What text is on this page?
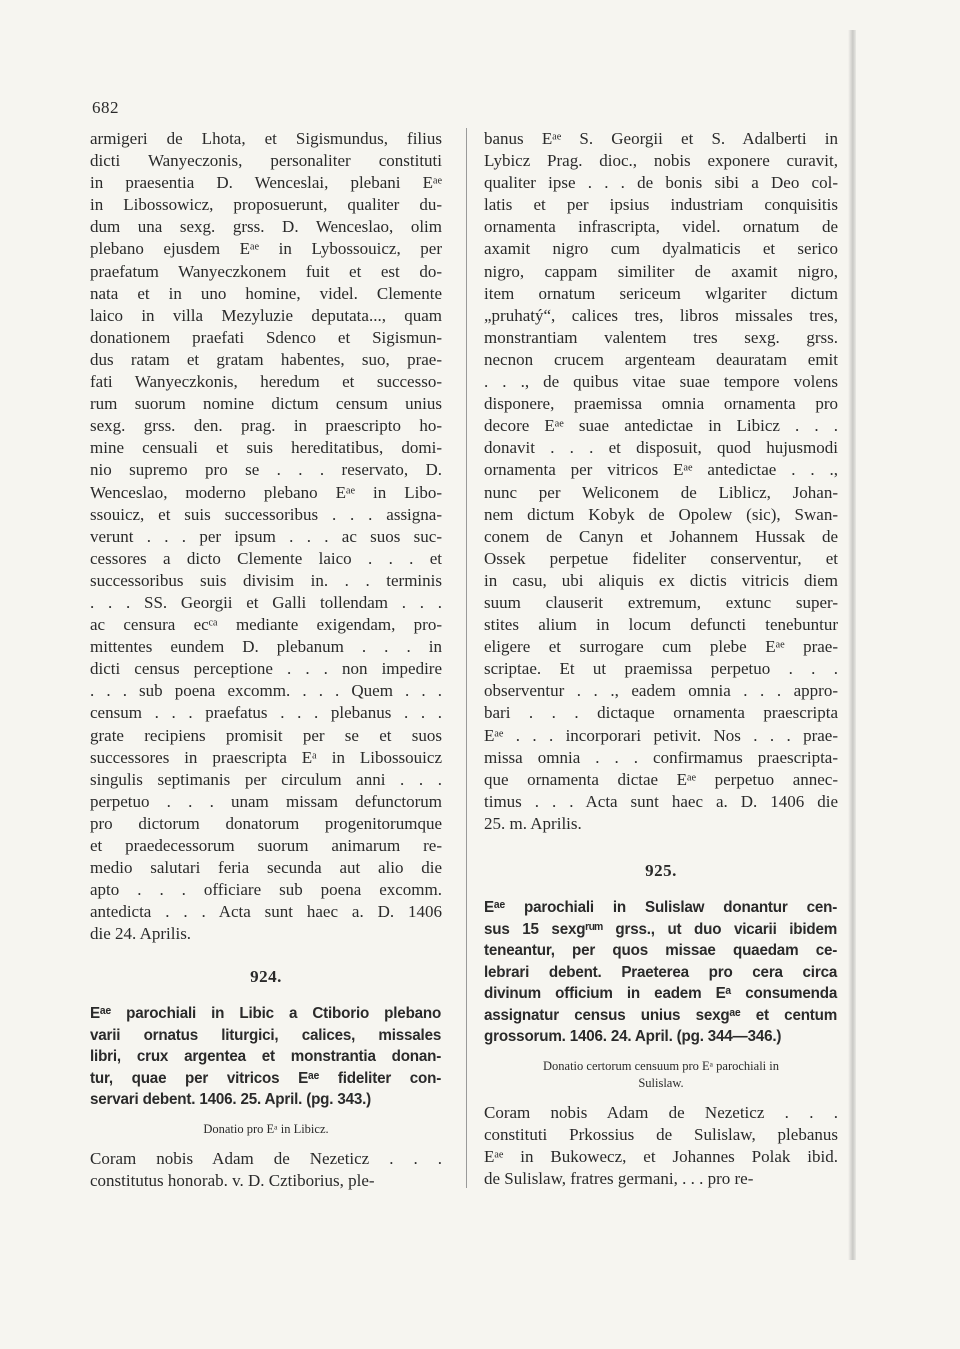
682
armigeri de Lhota, et Sigismundus, filius
dicti Wanyeczonis, personaliter constituti
in praesentia D. Wenceslai, plebani Eᵃᵉ
in Libossowicz, proposuerunt, qualiter du-
dum una sexg. grss. D. Wenceslao, olim
plebano ejusdem Eᵃᵉ in Lybossouicz, per
praefatum Wanyeczkonem fuit et est do-
nata et in uno homine, videl. Clemente
laico in villa Mezyluzie deputata..., quam
donationem praefati Sdenco et Sigismun-
dus ratam et gratam habentes, suo, prae-
fati Wanyeczkonis, heredum et successo-
rum suorum nomine dictum censum unius
sexg. grss. den. prag. in praescripto ho-
mine censuali et suis hereditatibus, domi-
nio supremo pro se . . . reservato, D.
Wenceslao, moderno plebano Eᵃᵉ in Libo-
ssouicz, et suis successoribus . . . assigna-
verunt . . . per ipsum . . . ac suos suc-
cessores a dicto Clemente laico . . . et
successoribus suis divisim in. . . terminis
. . . SS. Georgii et Galli tollendam . . .
ac censura ecᶜᵃ mediante exigendam, pro-
mittentes eundem D. plebanum . . . in
dicti census perceptione . . . non impedire
. . . sub poena excomm. . . . Quem . . .
censum . . . praefatus . . . plebanus . . .
grate recipiens promisit per se et suos
successores in praescripta Eᵃ in Libossouicz
singulis septimanis per circulum anni . . .
perpetuo . . . unam missam defunctorum
pro dictorum donatorum progenitorumque
et praedecessorum suorum animarum re-
medio salutari feria secunda aut alio die
apto . . . officiare sub poena excomm.
antedicta . . . Acta sunt haec a. D. 1406
die 24. Aprilis.
924.
Eᵃᵉ parochiali in Libic a Ctiborio plebano
varii ornatus liturgici, calices, missales
libri, crux argentea et monstrantia donan-
tur, quae per vitricos Eᵃᵉ fideliter con-
servari debent. 1406. 25. April. (pg. 343.)
Donatio pro Eᵃ in Libicz.
Coram nobis Adam de Nezeticz . . .
constitutus honorab. v. D. Cztiborius, ple-
banus Eᵃᵉ S. Georgii et S. Adalberti in
Lybicz Prag. dioc., nobis exponere curavit,
qualiter ipse . . . de bonis sibi a Deo col-
latis et per ipsius industriam conquisitis
ornamenta infrascripta, videl. ornatum de
axamit nigro cum dyalmaticis et serico
nigro, cappam similiter de axamit nigro,
item ornatum sericeum wlgariter dictum
„pruhatý“, calices tres, libros missales tres,
monstrantiam valentem tres sexg. grss.
necnon crucem argenteam deauratam emit
. . ., de quibus vitae suae tempore volens
disponere, praemissa omnia ornamenta pro
decore Eᵃᵉ suae antedictae in Libicz . . .
donavit . . . et disposuit, quod hujusmodi
ornamenta per vitricos Eᵃᵉ antedictae . . .,
nunc per Weliconem de Liblicz, Johan-
nem dictum Kobyk de Opolew (sic), Swan-
conem de Canyn et Johannem Hussak de
Ossek perpetue fideliter conserventur, et
in casu, ubi aliquis ex dictis vitricis diem
suum clauserit extremum, extunc super-
stites alium in locum defuncti tenebuntur
eligere et surrogare cum plebe Eᵃᵉ prae-
scriptae. Et ut praemissa perpetuo . . .
observentur . . ., eadem omnia . . . appro-
bari . . . dictaque ornamenta praescripta
Eᵃᵉ . . . incorporari petivit. Nos . . . prae-
missa omnia . . . confirmamus praescripta-
que ornamenta dictae Eᵃᵉ perpetuo annec-
timus . . . Acta sunt haec a. D. 1406 die
25. m. Aprilis.
925.
Eᵃᵉ parochiali in Sulislaw donantur cen-
sus 15 sexgʳᵘᵐ grss., ut duo vicarii ibidem
teneantur, per quos missae quaedam ce-
lebrari debent. Praeterea pro cera circa
divinum officium in eadem Eᵃ consumenda
assignatur census unius sexgᵃᵉ et centum
grossorum. 1406. 24. April. (pg. 344—346.)
Donatio certorum censuum pro Eᵃ parochiali in
Sulislaw.
Coram nobis Adam de Nezeticz . . .
constituti Prkossius de Sulislaw, plebanus
Eᵃᵉ in Bukowecz, et Johannes Polak ibid.
de Sulislaw, fratres germani, . . . pro re-
